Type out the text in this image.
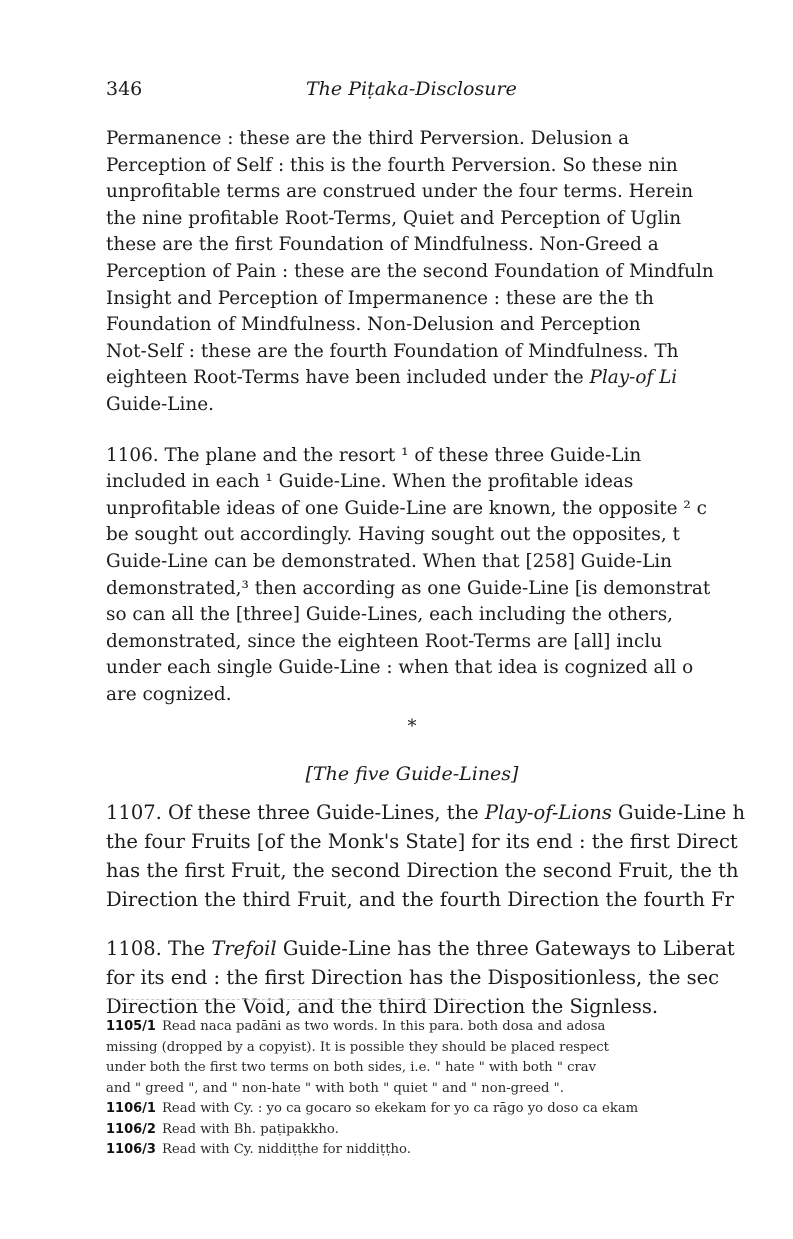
346	The Piṭaka-Disclosure
Permanence : these are the third Perversion. Delusion a
Perception of Self : this is the fourth Perversion. So these nin
unprofitable terms are construed under the four terms. Herein
the nine profitable Root-Terms, Quiet and Perception of Uglin
these are the first Foundation of Mindfulness. Non-Greed a
Perception of Pain : these are the second Foundation of Mindfuln
Insight and Perception of Impermanence : these are the th
Foundation of Mindfulness. Non-Delusion and Perception
Not-Self : these are the fourth Foundation of Mindfulness. Th
eighteen Root-Terms have been included under the Play-of Li
Guide-Line.
1106. The plane and the resort ¹ of these three Guide-Lin
included in each ¹ Guide-Line. When the profitable ideas
unprofitable ideas of one Guide-Line are known, the opposite ² c
be sought out accordingly. Having sought out the opposites, t
Guide-Line can be demonstrated. When that [258] Guide-Lin
demonstrated,³ then according as one Guide-Line [is demonstrat
so can all the [three] Guide-Lines, each including the others,
demonstrated, since the eighteen Root-Terms are [all] inclu
under each single Guide-Line : when that idea is cognized all o
are cognized.
*
[The five Guide-Lines]
1107. Of these three Guide-Lines, the Play-of-Lions Guide-Line h
the four Fruits [of the Monk's State] for its end : the first Direct
has the first Fruit, the second Direction the second Fruit, the th
Direction the third Fruit, and the fourth Direction the fourth Fr
1108. The Trefoil Guide-Line has the three Gateways to Liberat
for its end : the first Direction has the Dispositionless, the sec
Direction the Void, and the third Direction the Signless.
1105/1 Read naca padāni as two words. In this para. both dosa and adosa
missing (dropped by a copyist). It is possible they should be placed respect
under both the first two terms on both sides, i.e. " hate " with both " crav
and " greed ", and " non-hate " with both " quiet " and " non-greed ".
1106/1 Read with Cy. : yo ca gocaro so ekekam for yo ca rāgo yo doso ca ekam
1106/2 Read with Bh. paṭipakkho.
1106/3 Read with Cy. niddiṭṭhe for niddiṭṭho.
